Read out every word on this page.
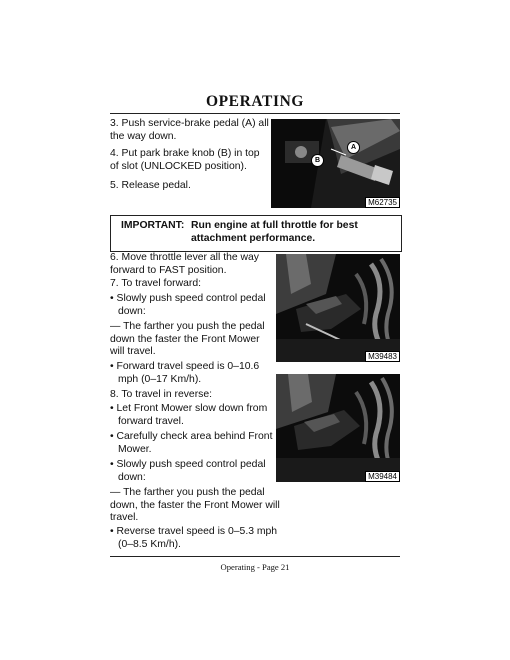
OPERATING
3. Push service-brake pedal (A) all the way down.
4. Put park brake knob (B) in top of slot (UNLOCKED position).
5. Release pedal.
A
B
M62735
IMPORTANT: Run engine at full throttle for best attachment performance.
6. Move throttle lever all the way forward to FAST position.
7. To travel forward:
• Slowly push speed control pedal down:
— The farther you push the pedal down the faster the Front Mower will travel.
• Forward travel speed is 0–10.6 mph (0–17 Km/h).
8. To travel in reverse:
• Let Front Mower slow down from forward travel.
• Carefully check area behind Front Mower.
• Slowly push speed control pedal down:
— The farther you push the pedal down, the faster the Front Mower will travel.
• Reverse travel speed is 0–5.3 mph (0–8.5 Km/h).
M39483
M39484
Operating - Page 21
